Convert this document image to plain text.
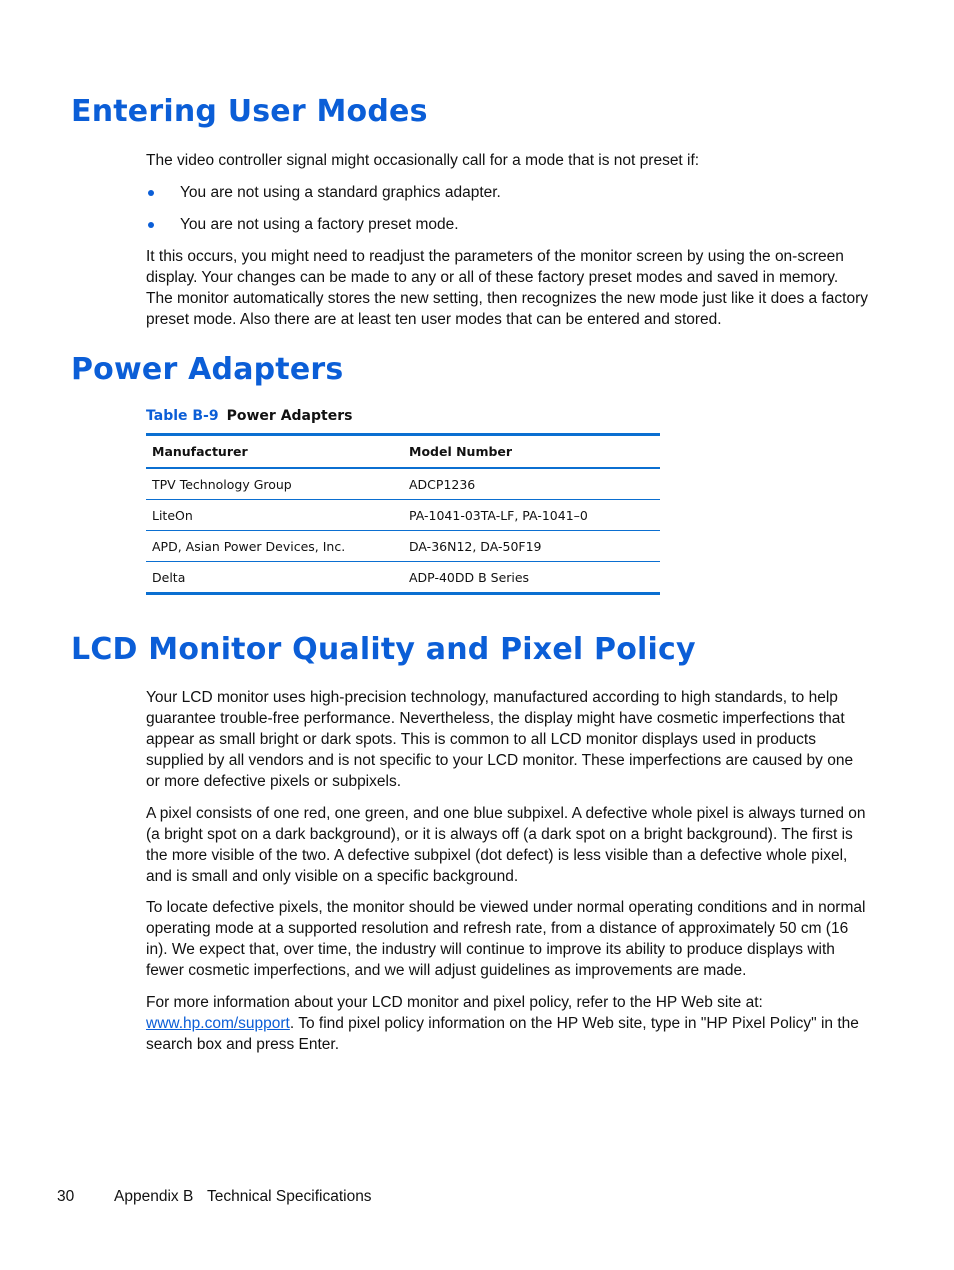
Entering User Modes
The video controller signal might occasionally call for a mode that is not preset if:
You are not using a standard graphics adapter.
You are not using a factory preset mode.
It this occurs, you might need to readjust the parameters of the monitor screen by using the on-screen display. Your changes can be made to any or all of these factory preset modes and saved in memory. The monitor automatically stores the new setting, then recognizes the new mode just like it does a factory preset mode. Also there are at least ten user modes that can be entered and stored.
Power Adapters
Table B-9 Power Adapters
Manufacturer	Model Number
TPV Technology Group	ADCP1236
LiteOn	PA-1041-03TA-LF, PA-1041–0
APD, Asian Power Devices, Inc.	DA-36N12, DA-50F19
Delta	ADP-40DD B Series
LCD Monitor Quality and Pixel Policy
Your LCD monitor uses high-precision technology, manufactured according to high standards, to help guarantee trouble-free performance. Nevertheless, the display might have cosmetic imperfections that appear as small bright or dark spots. This is common to all LCD monitor displays used in products supplied by all vendors and is not specific to your LCD monitor. These imperfections are caused by one or more defective pixels or subpixels.
A pixel consists of one red, one green, and one blue subpixel. A defective whole pixel is always turned on (a bright spot on a dark background), or it is always off (a dark spot on a bright background). The first is the more visible of the two. A defective subpixel (dot defect) is less visible than a defective whole pixel, and is small and only visible on a specific background.
To locate defective pixels, the monitor should be viewed under normal operating conditions and in normal operating mode at a supported resolution and refresh rate, from a distance of approximately 50 cm (16 in). We expect that, over time, the industry will continue to improve its ability to produce displays with fewer cosmetic imperfections, and we will adjust guidelines as improvements are made.
For more information about your LCD monitor and pixel policy, refer to the HP Web site at:
www.hp.com/support. To find pixel policy information on the HP Web site, type in "HP Pixel Policy" in the search box and press Enter.
30	Appendix B Technical Specifications
